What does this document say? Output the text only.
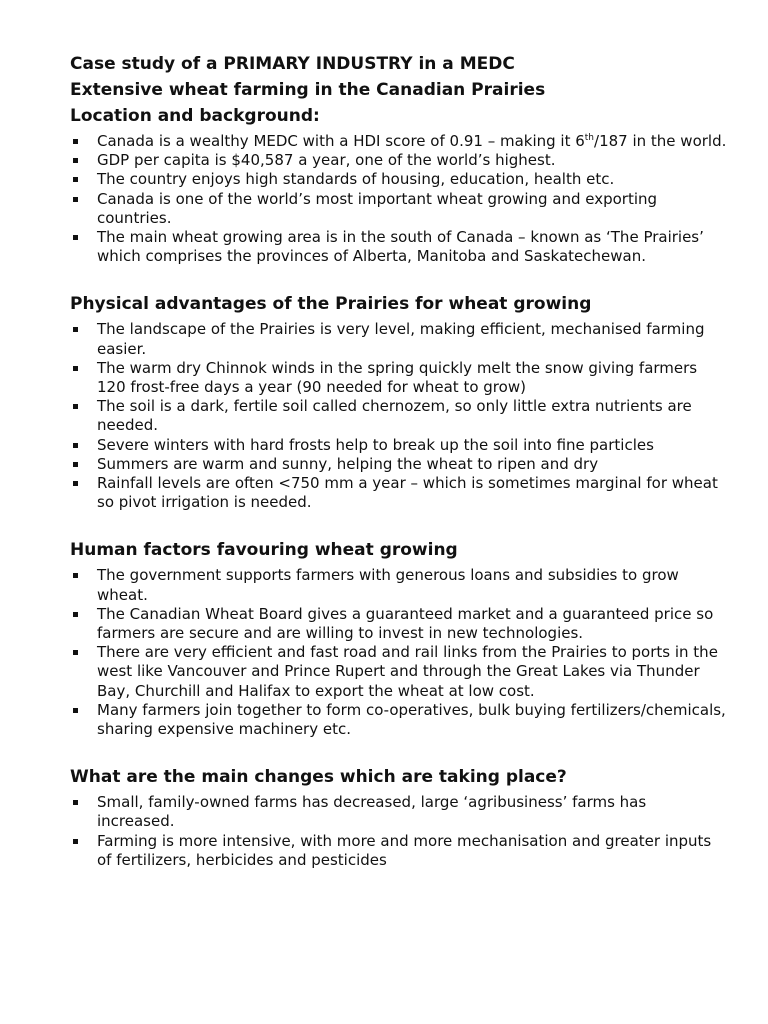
Case study of a PRIMARY INDUSTRY in a MEDC
Extensive wheat farming in the Canadian Prairies
Location and background:
Canada is a wealthy MEDC with a HDI score of 0.91 – making it 6th/187 in the world.
GDP per capita is $40,587 a year, one of the world’s highest.
The country enjoys high standards of housing, education, health etc.
Canada is one of the world’s most important wheat growing and exporting countries.
The main wheat growing area is in the south of Canada – known as ‘The Prairies’ which comprises the provinces of Alberta, Manitoba and Saskatechewan.
Physical advantages of the Prairies for wheat growing
The landscape of the Prairies is very level, making efficient, mechanised farming easier.
The warm dry Chinnok winds in the spring quickly melt the snow giving farmers 120 frost-free days a year (90 needed for wheat to grow)
The soil is a dark, fertile soil called chernozem, so only little extra nutrients are needed.
Severe winters with hard frosts help to break up the soil into fine particles
Summers are warm and sunny, helping the wheat to ripen and dry
Rainfall levels are often <750 mm a year – which is sometimes marginal for wheat so pivot irrigation is needed.
Human factors favouring wheat growing
The government supports farmers with generous loans and subsidies to grow wheat.
The Canadian Wheat Board gives a guaranteed market and a guaranteed price so farmers are secure and are willing to invest in new technologies.
There are very efficient and fast road and rail links from the Prairies to ports in the west like Vancouver and Prince Rupert and through the Great Lakes via Thunder Bay, Churchill and Halifax to export the wheat at low cost.
Many farmers join together to form co-operatives, bulk buying fertilizers/chemicals, sharing expensive machinery etc.
What are the main changes which are taking place?
Small, family-owned farms has decreased, large ‘agribusiness’ farms has increased.
Farming is more intensive, with more and more mechanisation and greater inputs of fertilizers, herbicides and pesticides
